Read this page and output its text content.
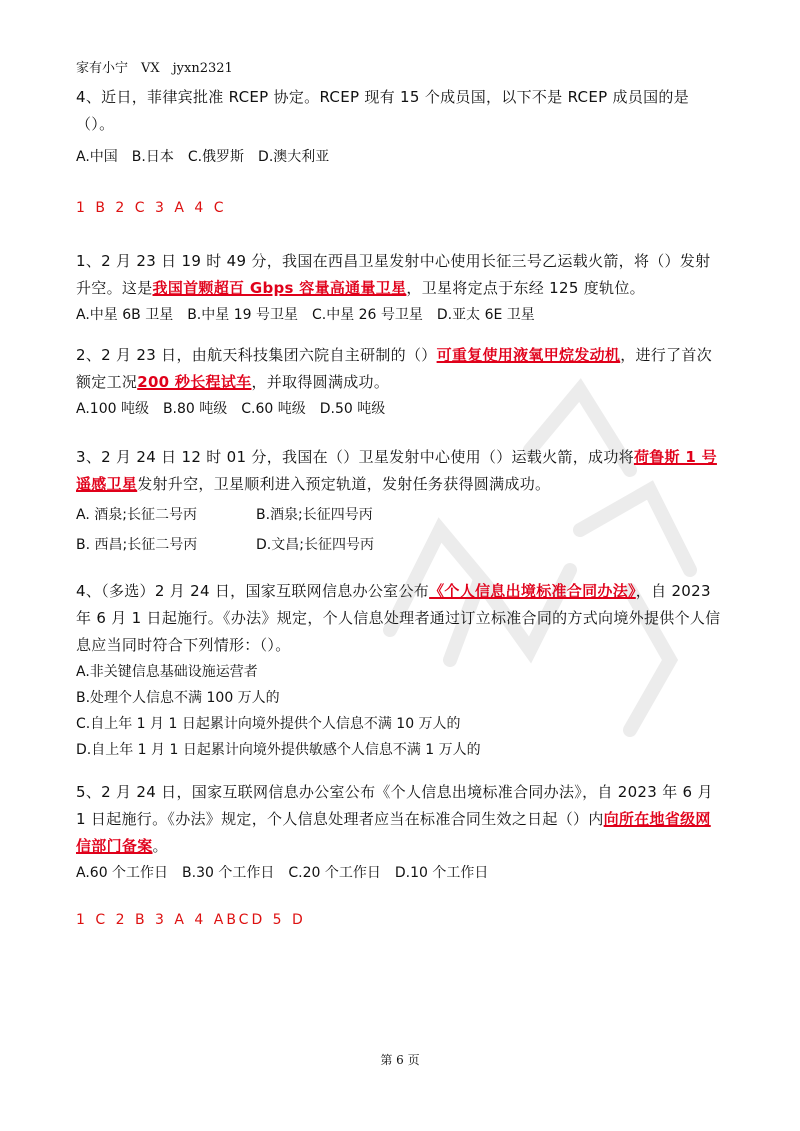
家有小宁　VX　jyxn2321

4、近日，菲律宾批准 RCEP 协定。RCEP 现有 15 个成员国，以下不是 RCEP 成员国的是

（）。

A.中国　B.日本　C.俄罗斯　D.澳大利亚
1 B 2 C 3 A 4 C

1、2 月 23 日 19 时 49 分，我国在西昌卫星发射中心使用长征三号乙运载火箭，将（）发射升空。这是我国首颗超百 Gbps 容量高通量卫星，卫星将定点于东经 125 度轨位。

A.中星 6B 卫星　B.中星 19 号卫星　C.中星 26 号卫星　D.亚太 6E 卫星

2、2 月 23 日，由航天科技集团六院自主研制的（）可重复使用液氧甲烷发动机，进行了首次额定工况200 秒长程试车，并取得圆满成功。

A.100 吨级　B.80 吨级　C.60 吨级　D.50 吨级

3、2 月 24 日 12 时 01 分，我国在（）卫星发射中心使用（）运载火箭，成功将荷鲁斯 1 号遥感卫星发射升空，卫星顺利进入预定轨道，发射任务获得圆满成功。

A. 酒泉;长征二号丙	B.酒泉;长征四号丙
B. 西昌;长征二号丙	D.文昌;长征四号丙

4、（多选）2 月 24 日，国家互联网信息办公室公布《个人信息出境标准合同办法》，自 2023 年 6 月 1 日起施行。《办法》规定，个人信息处理者通过订立标准合同的方式向境外提供个人信息应当同时符合下列情形：（）。

A.非关键信息基础设施运营者
B.处理个人信息不满 100 万人的
C.自上年 1 月 1 日起累计向境外提供个人信息不满 10 万人的
D.自上年 1 月 1 日起累计向境外提供敏感个人信息不满 1 万人的

5、2 月 24 日，国家互联网信息办公室公布《个人信息出境标准合同办法》，自 2023 年 6 月 1 日起施行。《办法》规定，个人信息处理者应当在标准合同生效之日起（）内向所在地省级网信部门备案。

A.60 个工作日　B.30 个工作日　C.20 个工作日　D.10 个工作日
1 C 2 B 3 A 4 ABCD 5 D
第 6 页
